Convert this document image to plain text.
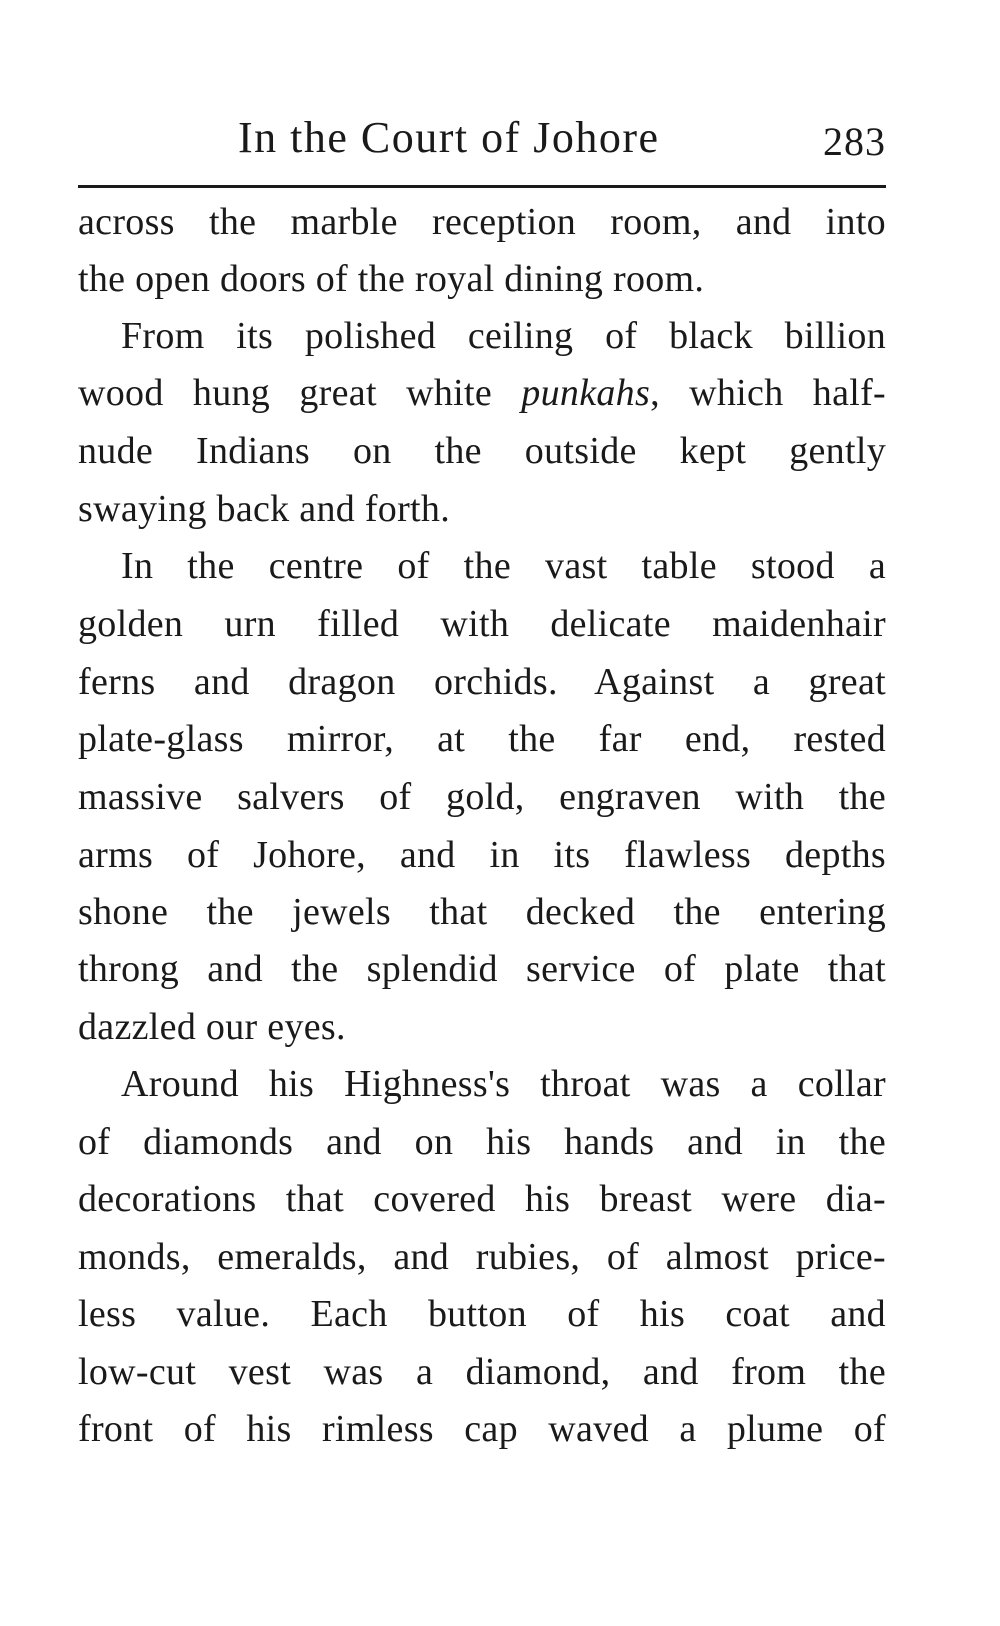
In the Court of Johore	283
across the marble reception room, and into
the open doors of the royal dining room.
From its polished ceiling of black billion
wood hung great white punkahs, which half-
nude Indians on the outside kept gently
swaying back and forth.
In the centre of the vast table stood a
golden urn filled with delicate maidenhair
ferns and dragon orchids. Against a great
plate-glass mirror, at the far end, rested
massive salvers of gold, engraven with the
arms of Johore, and in its flawless depths
shone the jewels that decked the entering
throng and the splendid service of plate that
dazzled our eyes.
Around his Highness's throat was a collar
of diamonds and on his hands and in the
decorations that covered his breast were dia-
monds, emeralds, and rubies, of almost price-
less value. Each button of his coat and
low-cut vest was a diamond, and from the
front of his rimless cap waved a plume of
